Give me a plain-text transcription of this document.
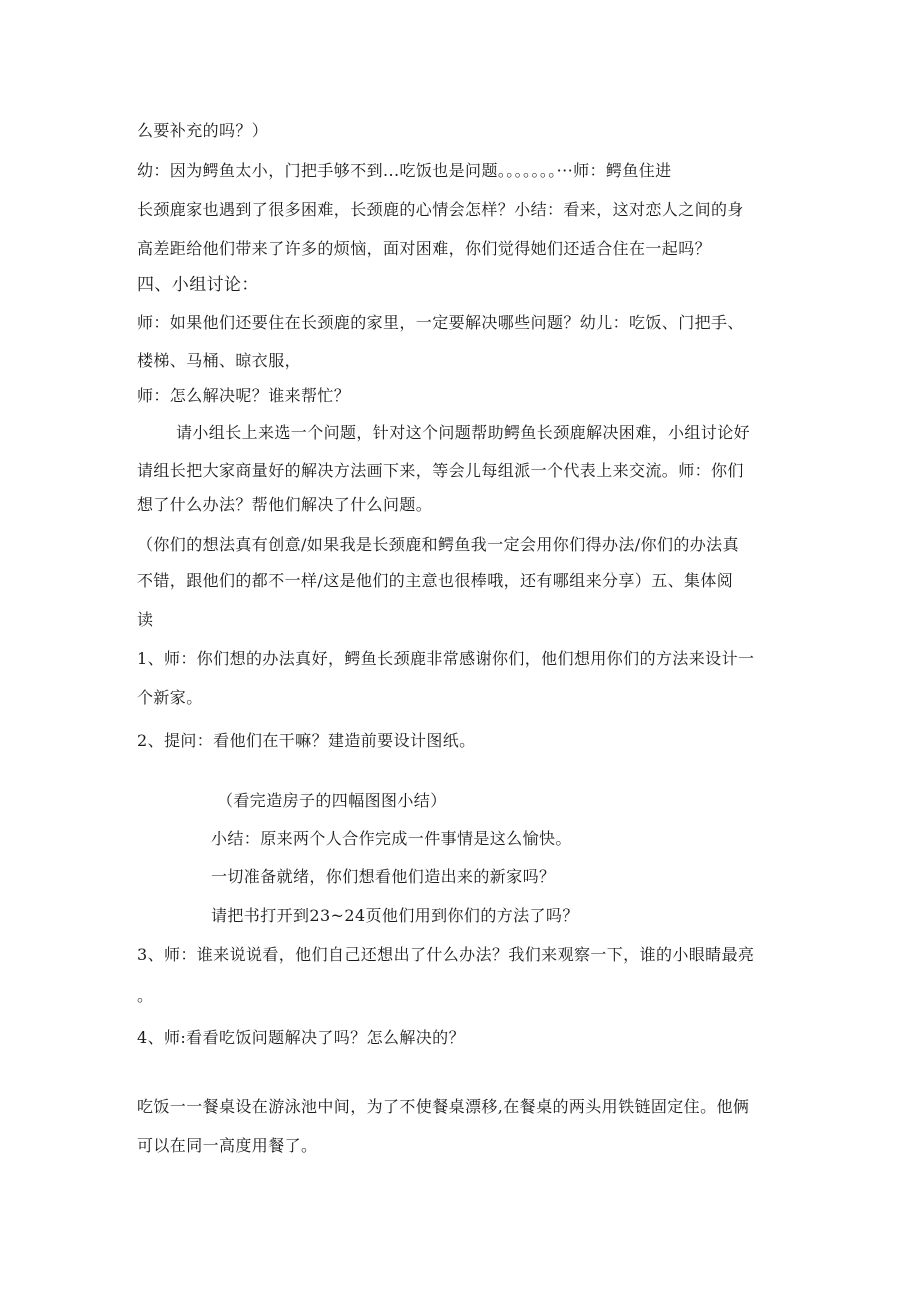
么要补充的吗？）
幼：因为鳄鱼太小，门把手够不到...吃饭也是问题。。。。。。。···师：鳄鱼住进
长颈鹿家也遇到了很多困难，长颈鹿的心情会怎样？小结：看来，这对恋人之间的身
高差距给他们带来了许多的烦恼，面对困难，你们觉得她们还适合住在一起吗？
四、小组讨论：
师：如果他们还要住在长颈鹿的家里，一定要解决哪些问题？幼儿：吃饭、门把手、
楼梯、马桶、晾衣服，
师：怎么解决呢？谁来帮忙？
请小组长上来选一个问题，针对这个问题帮助鳄鱼长颈鹿解决困难，小组讨论好
请组长把大家商量好的解决方法画下来，等会儿每组派一个代表上来交流。师：你们
想了什么办法？帮他们解决了什么问题。
（你们的想法真有创意/如果我是长颈鹿和鳄鱼我一定会用你们得办法/你们的办法真
不错，跟他们的都不一样/这是他们的主意也很棒哦，还有哪组来分享）五、集体阅
读
1、师：你们想的办法真好，鳄鱼长颈鹿非常感谢你们，他们想用你们的方法来设计一
个新家。
2、提问：看他们在干嘛？建造前要设计图纸。
（看完造房子的四幅图图小结）
小结：原来两个人合作完成一件事情是这么愉快。
一切准备就绪，你们想看他们造出来的新家吗？
请把书打开到23~24页他们用到你们的方法了吗？
3、师：谁来说说看，他们自己还想出了什么办法？我们来观察一下，谁的小眼睛最亮
。
4、师:看看吃饭问题解决了吗？怎么解决的？
吃饭一一餐桌设在游泳池中间，为了不使餐桌漂移,在餐桌的两头用铁链固定住。他俩
可以在同一高度用餐了。
